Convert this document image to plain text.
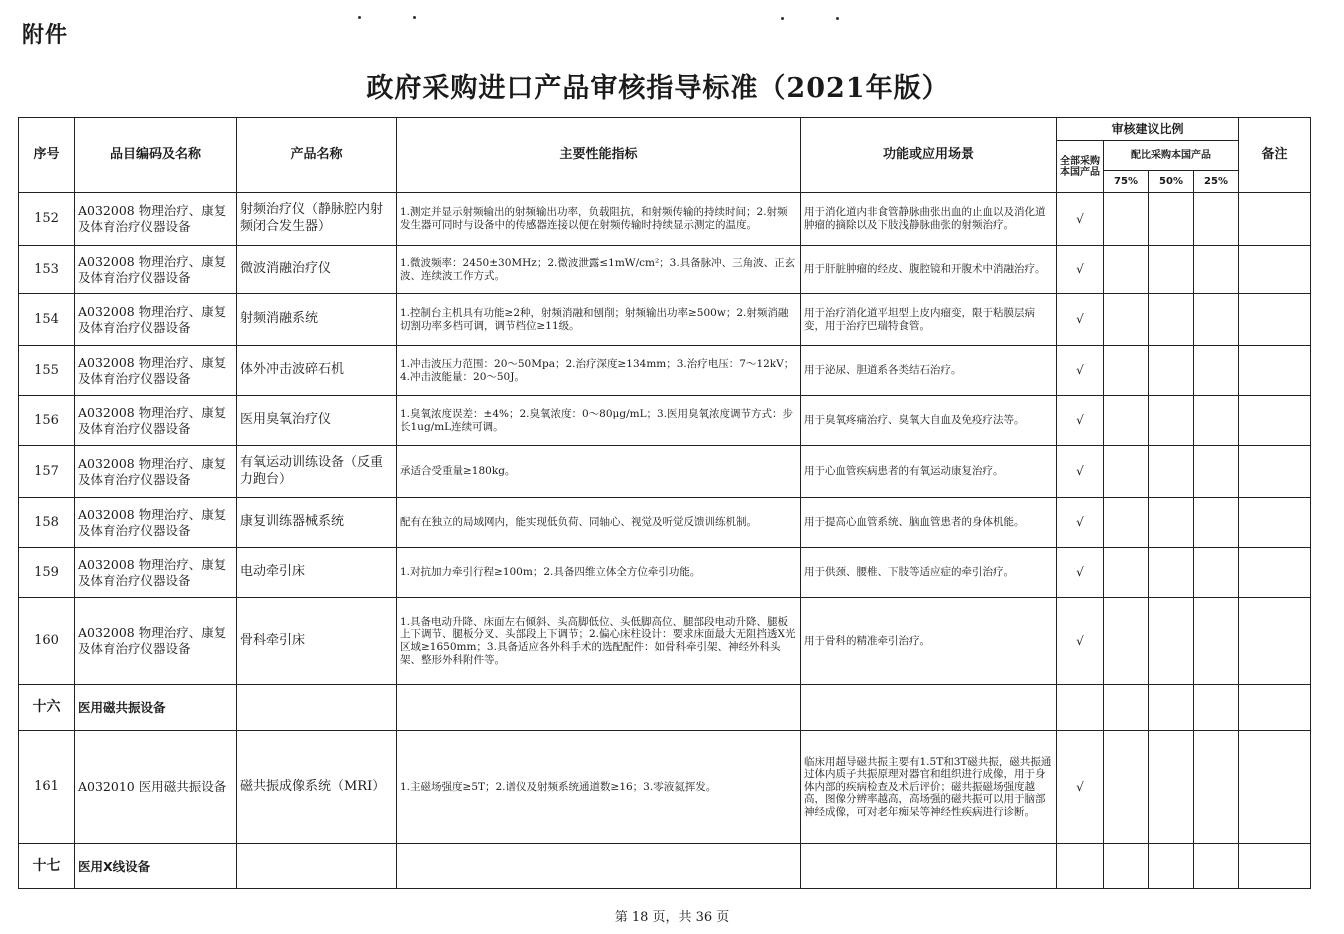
附件
政府采购进口产品审核指导标准（2021年版）
序号	品目编码及名称	产品名称	主要性能指标	功能或应用场景	审核建议比例				备注
					全部采购本国产品	配比采购本国产品			
						75%	50%	25%	
152	A032008 物理治疗、康复及体育治疗仪器设备	射频治疗仪（静脉腔内射频闭合发生器）	1.测定并显示射频输出的射频输出功率，负载阻抗，和射频传输的持续时间；2.射频发生器可同时与设备中的传感器连接以便在射频传输时持续显示测定的温度。	用于消化道内非食管静脉曲张出血的止血以及消化道肿瘤的摘除以及下肢浅静脉曲张的射频治疗。	√				
153	A032008 物理治疗、康复及体育治疗仪器设备	微波消融治疗仪	1.微波频率：2450±30MHz；2.微波泄露≤1mW/cm²；3.具备脉冲、三角波、正玄波、连续波工作方式。	用于肝脏肿瘤的经皮、腹腔镜和开腹术中消融治疗。	√				
154	A032008 物理治疗、康复及体育治疗仪器设备	射频消融系统	1.控制台主机具有功能≥2种，射频消融和刨削；射频输出功率≥500w；2.射频消融切割功率多档可调，调节档位≥11级。	用于治疗消化道平坦型上皮内瘤变，限于粘膜层病变，用于治疗巴瑞特食管。	√				
155	A032008 物理治疗、康复及体育治疗仪器设备	体外冲击波碎石机	1.冲击波压力范围：20～50Mpa；2.治疗深度≥134mm；3.治疗电压：7～12kV；4.冲击波能量：20～50J。	用于泌尿、胆道系各类结石治疗。	√				
156	A032008 物理治疗、康复及体育治疗仪器设备	医用臭氧治疗仪	1.臭氧浓度误差：±4%；2.臭氧浓度：0～80μg/mL；3.医用臭氧浓度调节方式：步长1ug/mL连续可调。	用于臭氧疼痛治疗、臭氧大自血及免疫疗法等。	√				
157	A032008 物理治疗、康复及体育治疗仪器设备	有氧运动训练设备（反重力跑台）	承适合受重量≥180kg。	用于心血管疾病患者的有氧运动康复治疗。	√				
158	A032008 物理治疗、康复及体育治疗仪器设备	康复训练器械系统	配有在独立的局域网内，能实现低负荷、同轴心、视觉及听觉反馈训练机制。	用于提高心血管系统、脑血管患者的身体机能。	√				
159	A032008 物理治疗、康复及体育治疗仪器设备	电动牵引床	1.对抗加力牵引行程≥100m；2.具备四维立体全方位牵引功能。	用于供颈、腰椎、下肢等适应症的牵引治疗。	√				
160	A032008 物理治疗、康复及体育治疗仪器设备	骨科牵引床	1.具备电动升降、床面左右倾斜、头高脚低位、头低脚高位、腿部段电动升降、腿板上下调节、腿板分叉、头部段上下调节；2.偏心床柱设计：要求床面最大无阻挡透X光区域≥1650mm；3.具备适应各外科手术的选配配件：如骨科牵引架、神经外科头架、整形外科附件等。	用于骨科的精准牵引治疗。	√				
十六	医用磁共振设备								
161	A032010 医用磁共振设备	磁共振成像系统（MRI）	1.主磁场强度≥5T；2.谱仪及射频系统通道数≥16；3.零液氦挥发。	临床用超导磁共振主要有1.5T和3T磁共振，磁共振通过体内质子共振原理对器官和组织进行成像，用于身体内部的疾病检查及术后评价；磁共振磁场强度越高，图像分辨率越高，高场强的磁共振可以用于脑部神经成像，可对老年痴呆等神经性疾病进行诊断。	√				
十七	医用X线设备								
第 18 页，共 36 页
